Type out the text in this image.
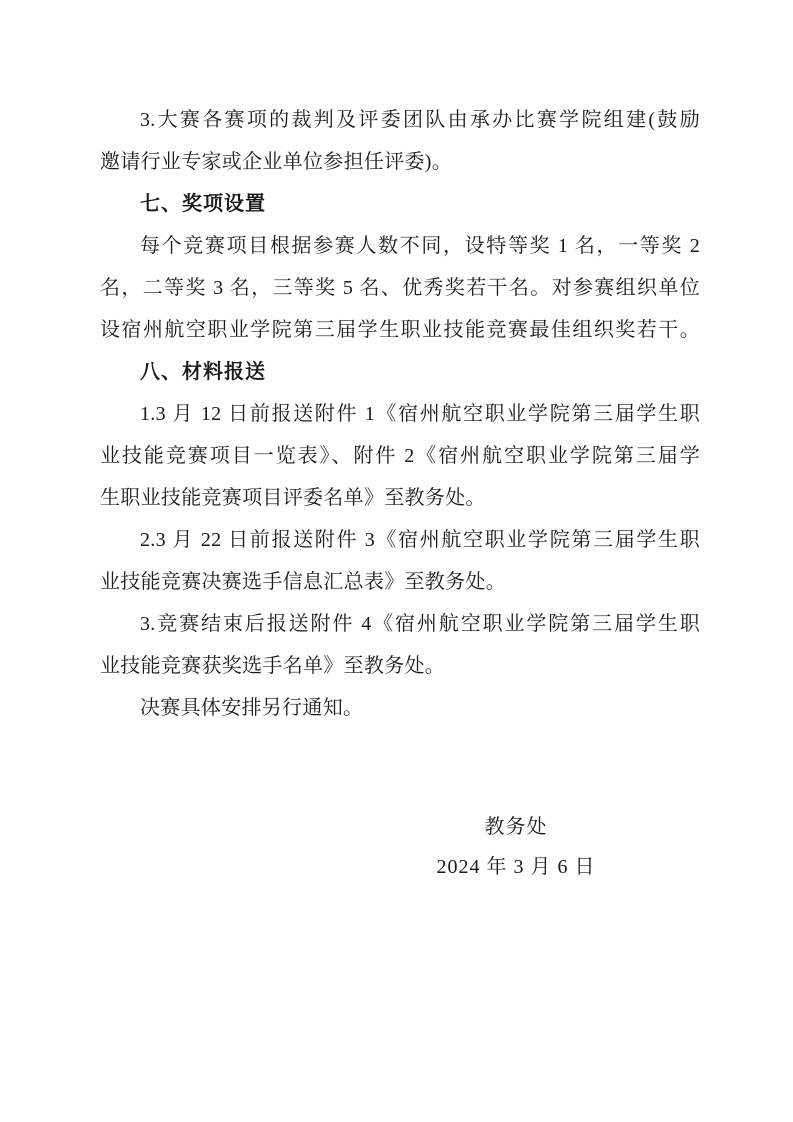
3.大赛各赛项的裁判及评委团队由承办比赛学院组建(鼓励
邀请行业专家或企业单位参担任评委)。
七、奖项设置
每个竞赛项目根据参赛人数不同，设特等奖 1 名，一等奖 2
名，二等奖 3 名，三等奖 5 名、优秀奖若干名。对参赛组织单位
设宿州航空职业学院第三届学生职业技能竞赛最佳组织奖若干。
八、材料报送
1.3 月 12 日前报送附件 1《宿州航空职业学院第三届学生职
业技能竞赛项目一览表》、附件 2《宿州航空职业学院第三届学
生职业技能竞赛项目评委名单》至教务处。
2.3 月 22 日前报送附件 3《宿州航空职业学院第三届学生职
业技能竞赛决赛选手信息汇总表》至教务处。
3.竞赛结束后报送附件 4《宿州航空职业学院第三届学生职
业技能竞赛获奖选手名单》至教务处。
决赛具体安排另行通知。
教务处
2024 年 3 月 6 日
